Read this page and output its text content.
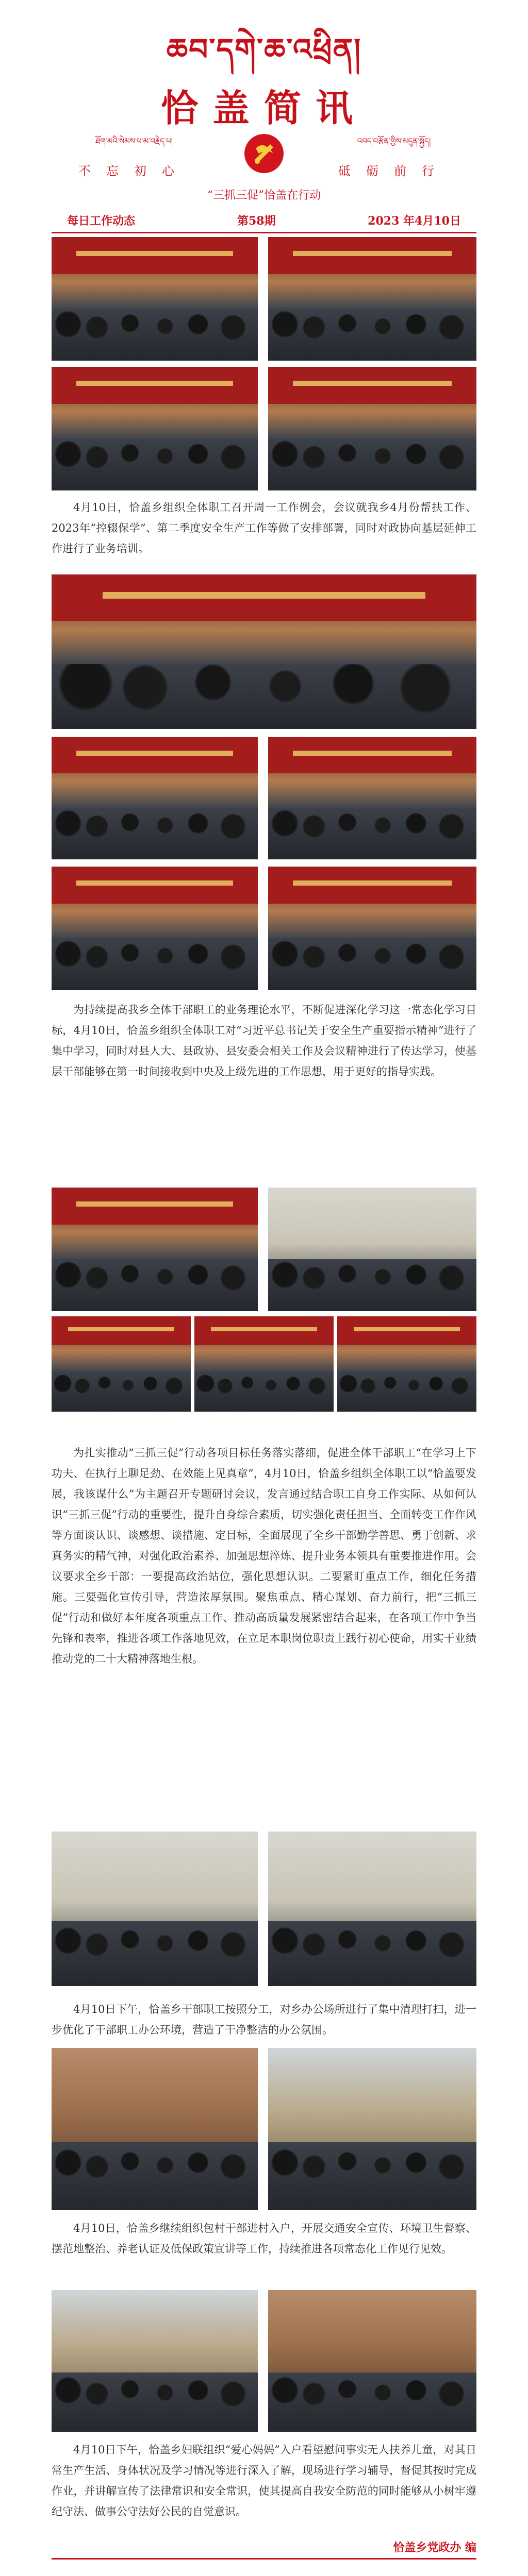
ཆབ་དགེ་ཆ་འཕྲིན།
恰盖简讯
ཐོག་མའི་སེམས་པ་མ་བརྗེད་པ།
不忘初心
འབད་བརྩོན་གྱིས་མདུན་སྐྱོད།
砥砺前行
“三抓三促”恰盖在行动
每日工作动态	第58期	2023 年4月10日

4月10日，恰盖乡组织全体职工召开周一工作例会，会议就我乡4月份帮扶工作、2023年“控辍保学”、第二季度安全生产工作等做了安排部署，同时对政协向基层延伸工作进行了业务培训。

为持续提高我乡全体干部职工的业务理论水平，不断促进深化学习这一常态化学习目标，4月10日，恰盖乡组织全体职工对“习近平总书记关于安全生产重要指示精神”进行了集中学习，同时对县人大、县政协、县安委会相关工作及会议精神进行了传达学习，使基层干部能够在第一时间接收到中央及上级先进的工作思想，用于更好的指导实践。

为扎实推动“三抓三促”行动各项目标任务落实落细，促进全体干部职工“在学习上下功夫、在执行上聊足劲、在效能上见真章”，4月10日，恰盖乡组织全体职工以“恰盖要发展，我该谋什么”为主题召开专题研讨会议，发言通过结合职工自身工作实际、从如何认识“三抓三促”行动的重要性，提升自身综合素质，切实强化责任担当、全面转变工作作风等方面谈认识、谈感想、谈措施、定目标，全面展现了全乡干部勤学善思、勇于创新、求真务实的精气神，对强化政治素养、加强思想淬炼、提升业务本领具有重要推进作用。会议要求全乡干部：一要提高政治站位，强化思想认识。二要紧盯重点工作，细化任务措施。三要强化宣传引导，营造浓厚氛围。聚焦重点、精心谋划、奋力前行，把“三抓三促”行动和做好本年度各项重点工作、推动高质量发展紧密结合起来，在各项工作中争当先锋和表率，推进各项工作落地见效，在立足本职岗位职责上践行初心使命，用实干业绩推动党的二十大精神落地生根。

4月10日下午，恰盖乡干部职工按照分工，对乡办公场所进行了集中清理打扫，进一步优化了干部职工办公环境，营造了干净整洁的办公氛围。

4月10日，恰盖乡继续组织包村干部进村入户，开展交通安全宣传、环境卫生督察、摆范地整治、养老认证及低保政策宣讲等工作，持续推进各项常态化工作见行见效。

4月10日下午，恰盖乡妇联组织“爱心妈妈”入户看望慰问事实无人扶养儿童，对其日常生产生活、身体状况及学习情况等进行深入了解，现场进行学习辅导，督促其按时完成作业，并讲解宣传了法律常识和安全常识，使其提高自我安全防范的同时能够从小树牢遵纪守法、做事公守法好公民的自觉意识。

恰盖乡党政办 编
